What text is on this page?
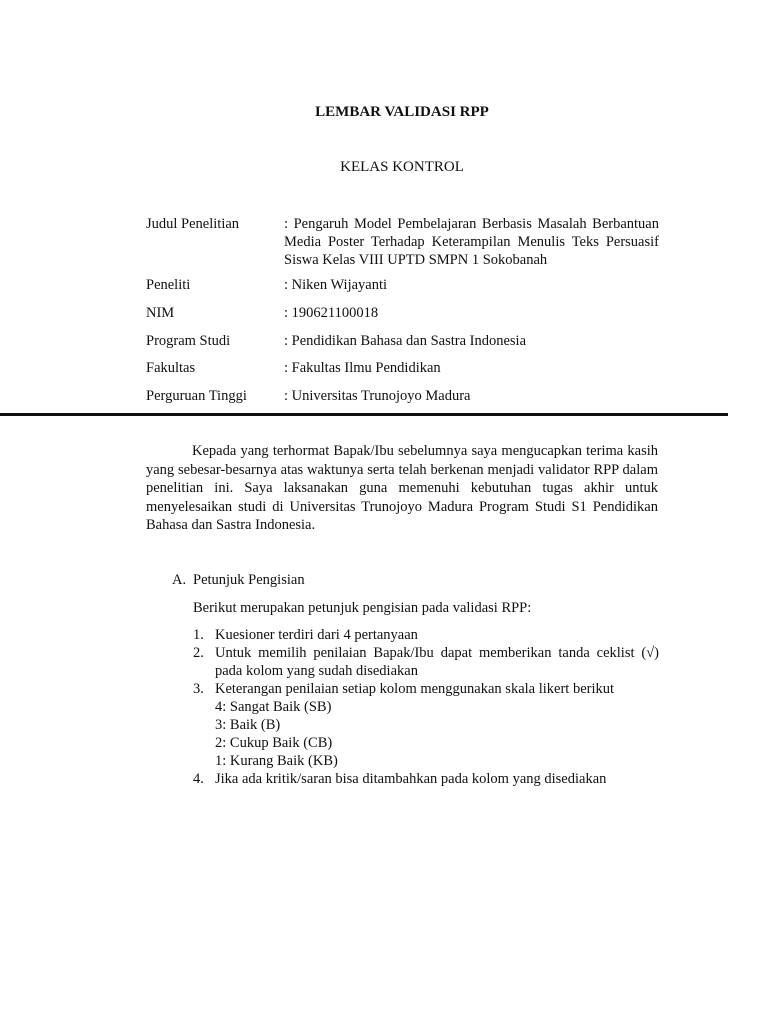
LEMBAR VALIDASI RPP
KELAS KONTROL
Judul Penelitian	: Pengaruh Model Pembelajaran Berbasis Masalah Berbantuan Media Poster Terhadap Keterampilan Menulis Teks Persuasif Siswa Kelas VIII UPTD SMPN 1 Sokobanah
Peneliti	: Niken Wijayanti
NIM	: 190621100018
Program Studi	: Pendidikan Bahasa dan Sastra Indonesia
Fakultas	: Fakultas Ilmu Pendidikan
Perguruan Tinggi	: Universitas Trunojoyo Madura
Kepada yang terhormat Bapak/Ibu sebelumnya saya mengucapkan terima kasih yang sebesar-besarnya atas waktunya serta telah berkenan menjadi validator RPP dalam penelitian ini. Saya laksanakan guna memenuhi kebutuhan tugas akhir untuk menyelesaikan studi di Universitas Trunojoyo Madura Program Studi S1 Pendidikan Bahasa dan Sastra Indonesia.
A. Petunjuk Pengisian
Berikut merupakan petunjuk pengisian pada validasi RPP:
1. Kuesioner terdiri dari 4 pertanyaan
2. Untuk memilih penilaian Bapak/Ibu dapat memberikan tanda ceklist (√) pada kolom yang sudah disediakan
3. Keterangan penilaian setiap kolom menggunakan skala likert berikut
4: Sangat Baik (SB)
3: Baik (B)
2: Cukup Baik (CB)
1: Kurang Baik (KB)
4. Jika ada kritik/saran bisa ditambahkan pada kolom yang disediakan
